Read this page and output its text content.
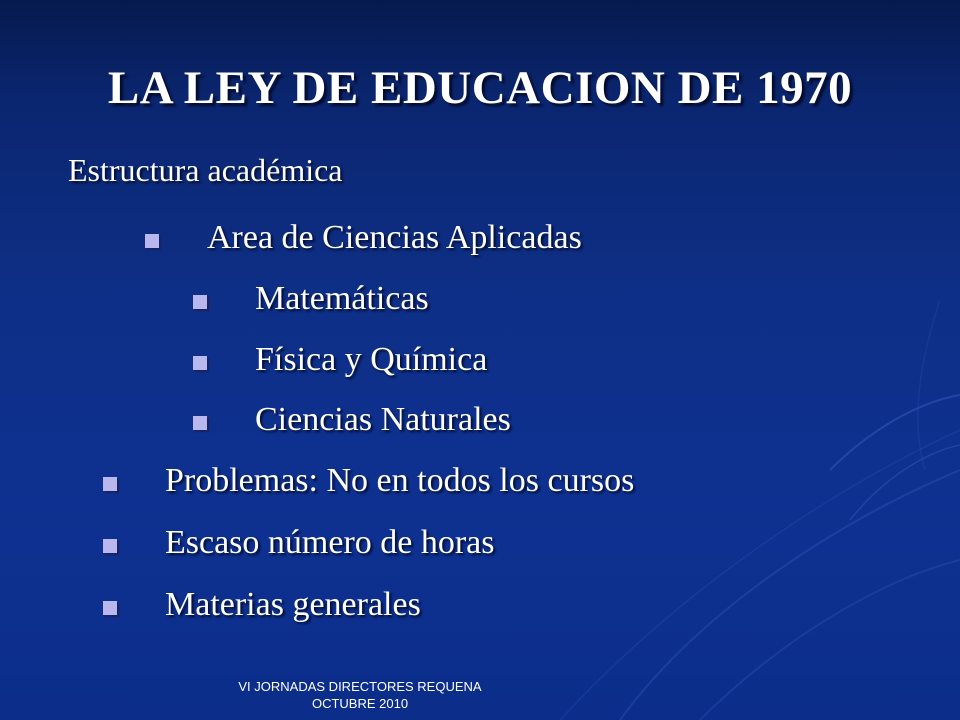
LA LEY DE EDUCACION DE 1970
Estructura académica
Area de Ciencias Aplicadas
Matemáticas
Física y Química
Ciencias Naturales
Problemas: No en todos los cursos
Escaso número de horas
Materias generales
VI JORNADAS DIRECTORES REQUENA
OCTUBRE 2010
